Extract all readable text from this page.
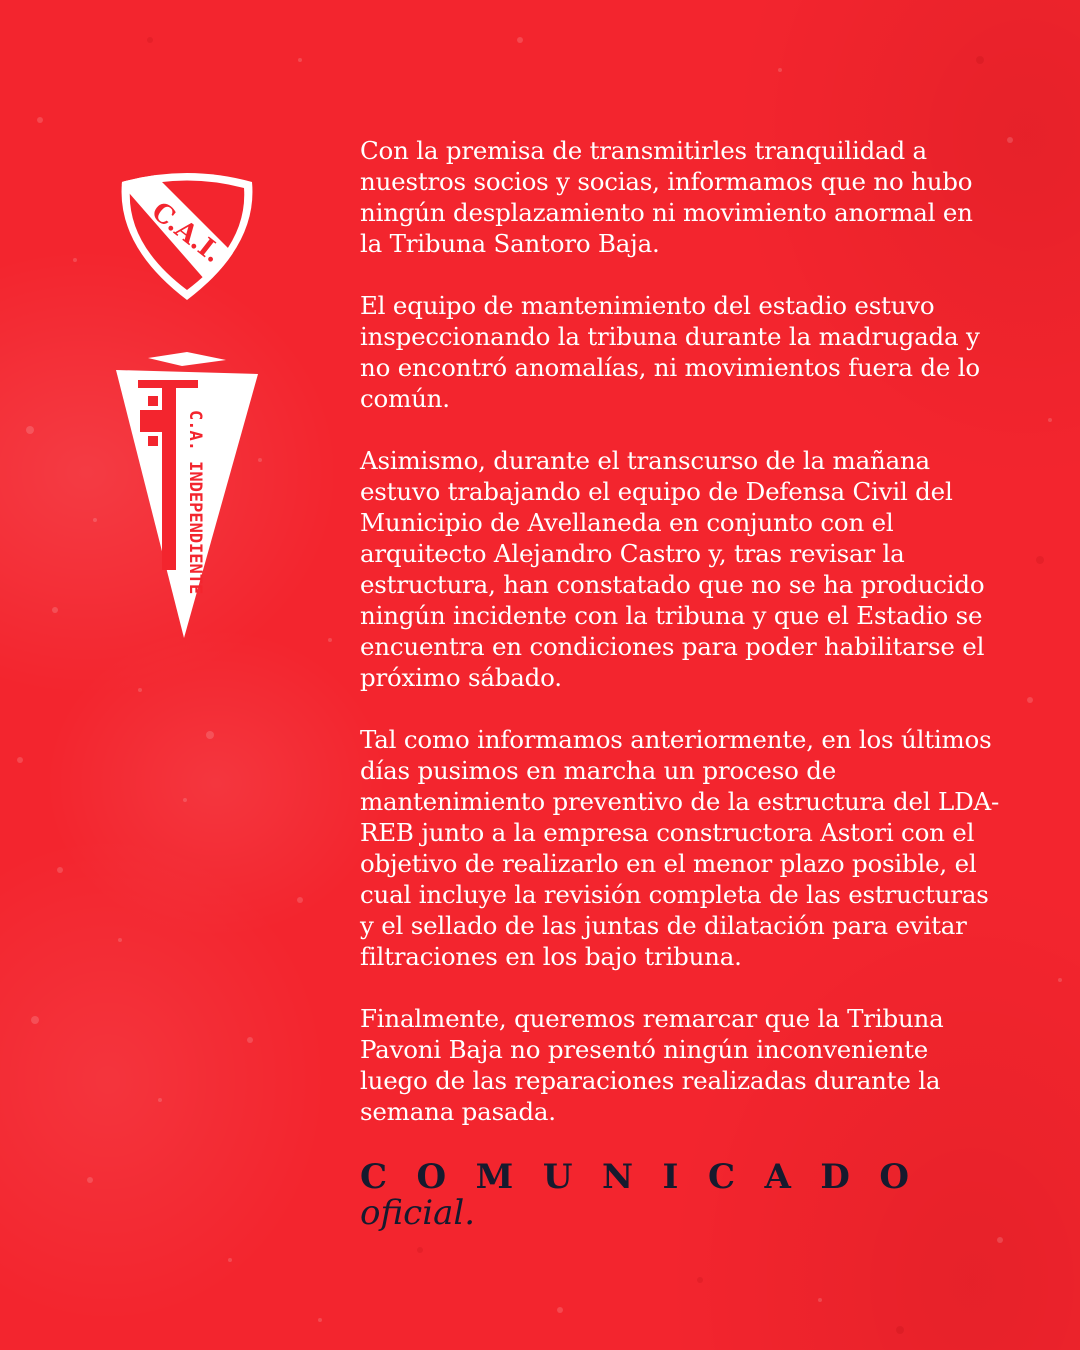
C.A.I.
C.A. INDEPENDIENTE

Con la premisa de transmitirles tranquilidad a nuestros socios y socias, informamos que no hubo ningún desplazamiento ni movimiento anormal en la Tribuna Santoro Baja.

El equipo de mantenimiento del estadio estuvo inspeccionando la tribuna durante la madrugada y no encontró anomalías, ni movimientos fuera de lo común.

Asimismo, durante el transcurso de la mañana estuvo trabajando el equipo de Defensa Civil del Municipio de Avellaneda en conjunto con el arquitecto Alejandro Castro y, tras revisar la estructura, han constatado que no se ha producido ningún incidente con la tribuna y que el Estadio se encuentra en condiciones para poder habilitarse el próximo sábado.

Tal como informamos anteriormente, en los últimos días pusimos en marcha un proceso de mantenimiento preventivo de la estructura del LDA-REB junto a la empresa constructora Astori con el objetivo de realizarlo en el menor plazo posible, el cual incluye la revisión completa de las estructuras y el sellado de las juntas de dilatación para evitar filtraciones en los bajo tribuna.

Finalmente, queremos remarcar que la Tribuna Pavoni Baja no presentó ningún inconveniente luego de las reparaciones realizadas durante la semana pasada.

COMUNICADO
oficial.
